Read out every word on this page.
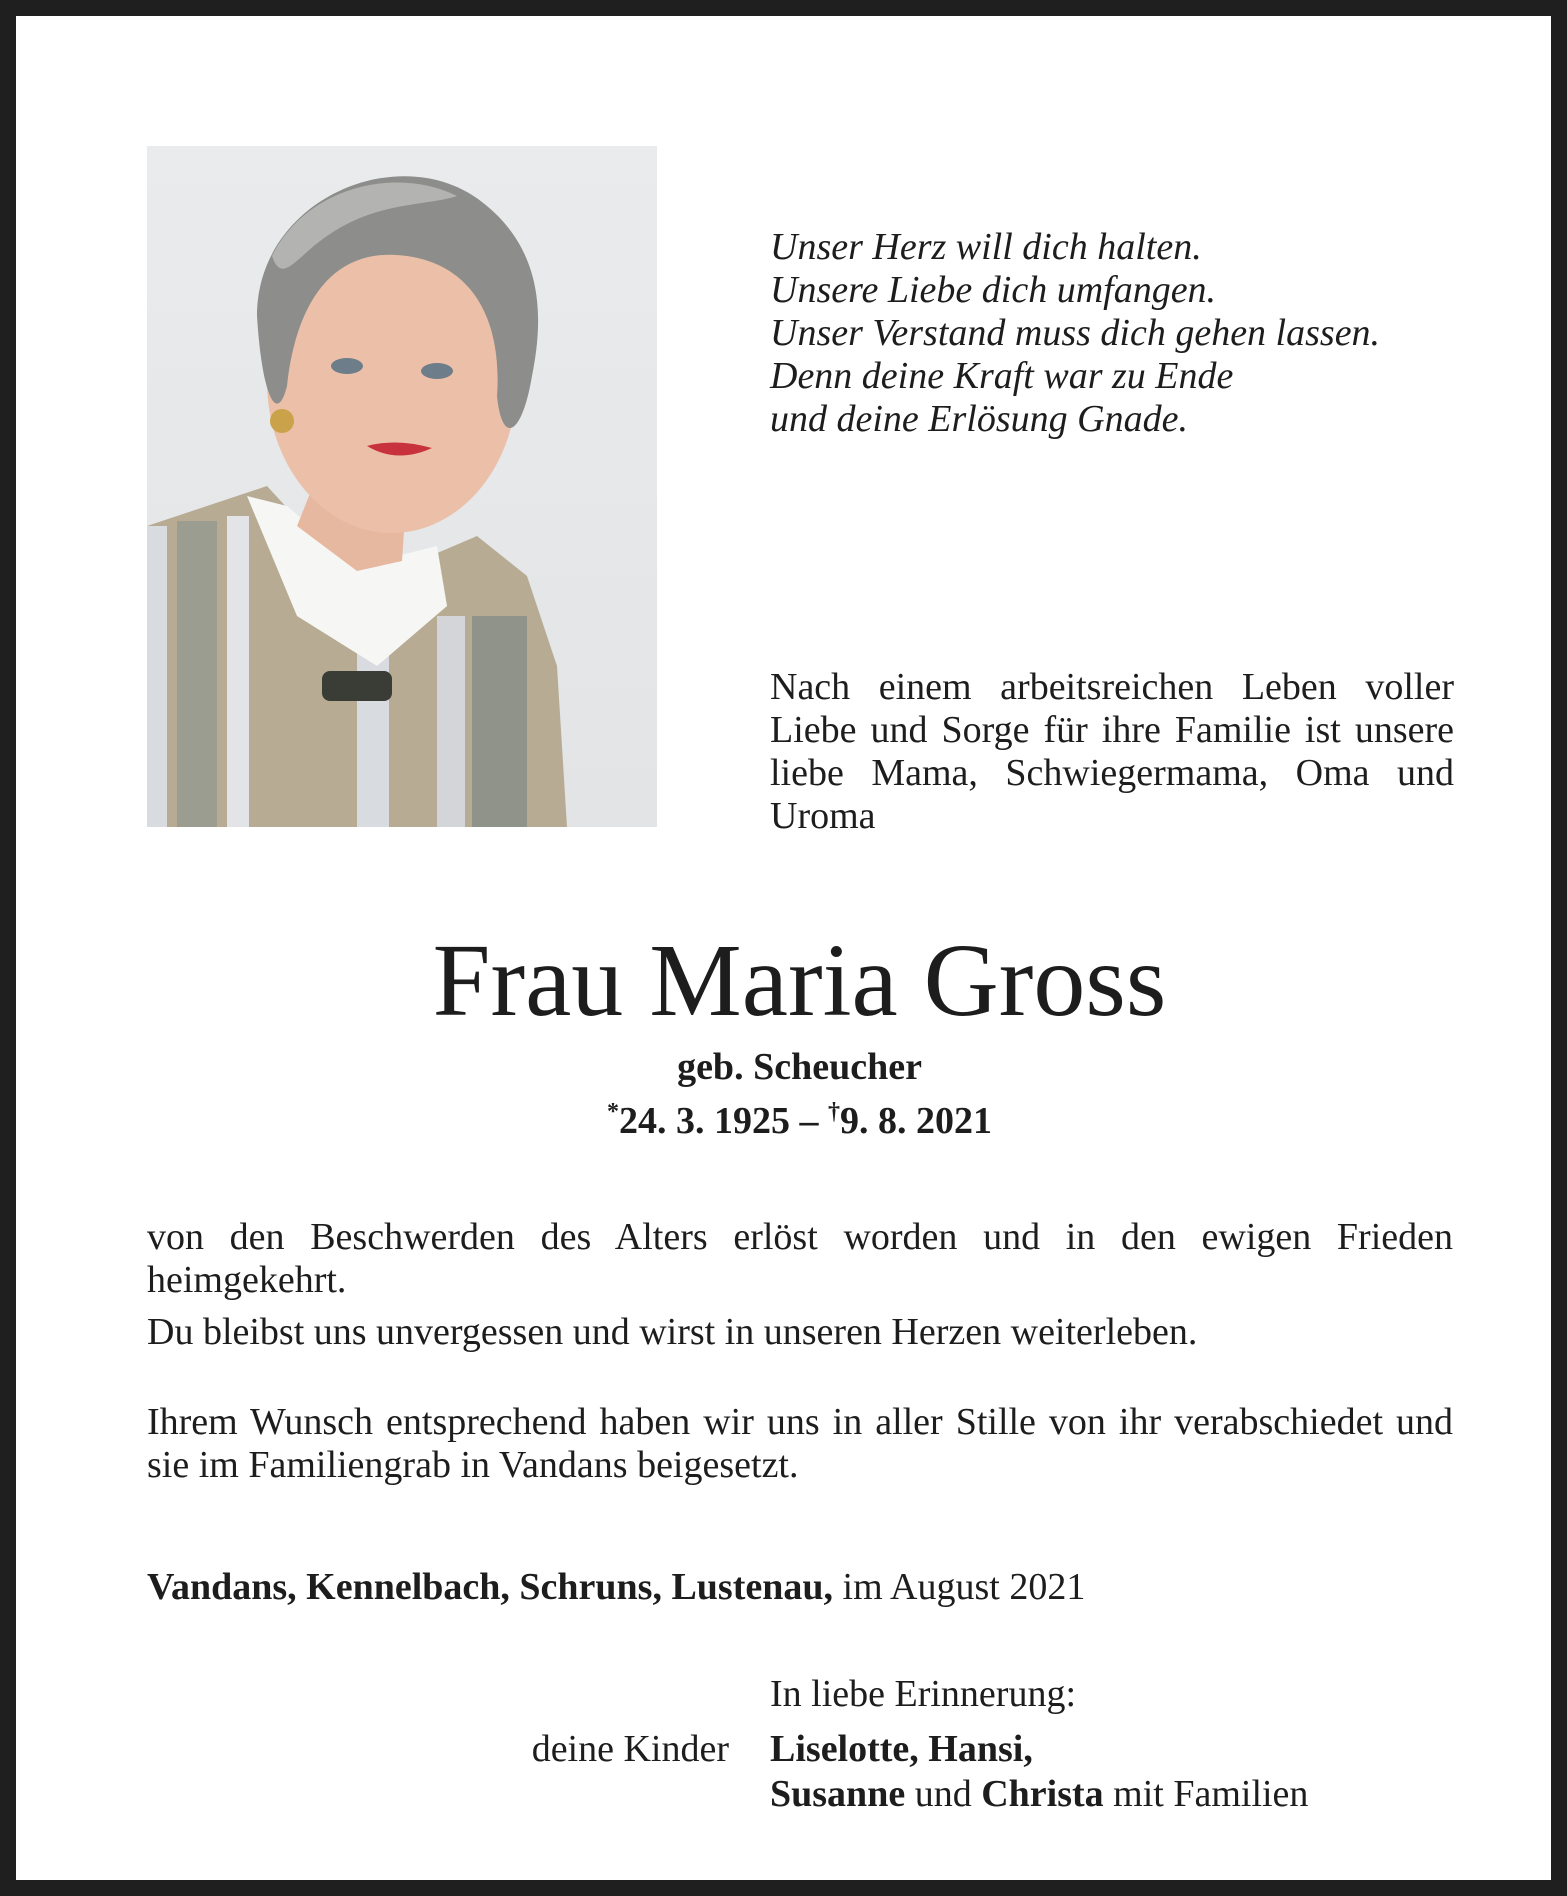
Unser Herz will dich halten.
Unsere Liebe dich umfangen.
Unser Verstand muss dich gehen lassen.
Denn deine Kraft war zu Ende
und deine Erlösung Gnade.

Nach einem arbeitsreichen Leben voller Liebe und Sorge für ihre Familie ist unsere liebe Mama, Schwiegermama, Oma und Uroma

Frau Maria Gross
geb. Scheucher
*24. 3. 1925 – †9. 8. 2021

von den Beschwerden des Alters erlöst worden und in den ewigen Frieden heimgekehrt.

Du bleibst uns unvergessen und wirst in unseren Herzen weiterleben.

Ihrem Wunsch entsprechend haben wir uns in aller Stille von ihr verabschiedet und sie im Familiengrab in Vandans beigesetzt.

Vandans, Kennelbach, Schruns, Lustenau, im August 2021
In liebe Erinnerung:
deine Kinder Liselotte, Hansi,
Susanne und Christa mit Familien
